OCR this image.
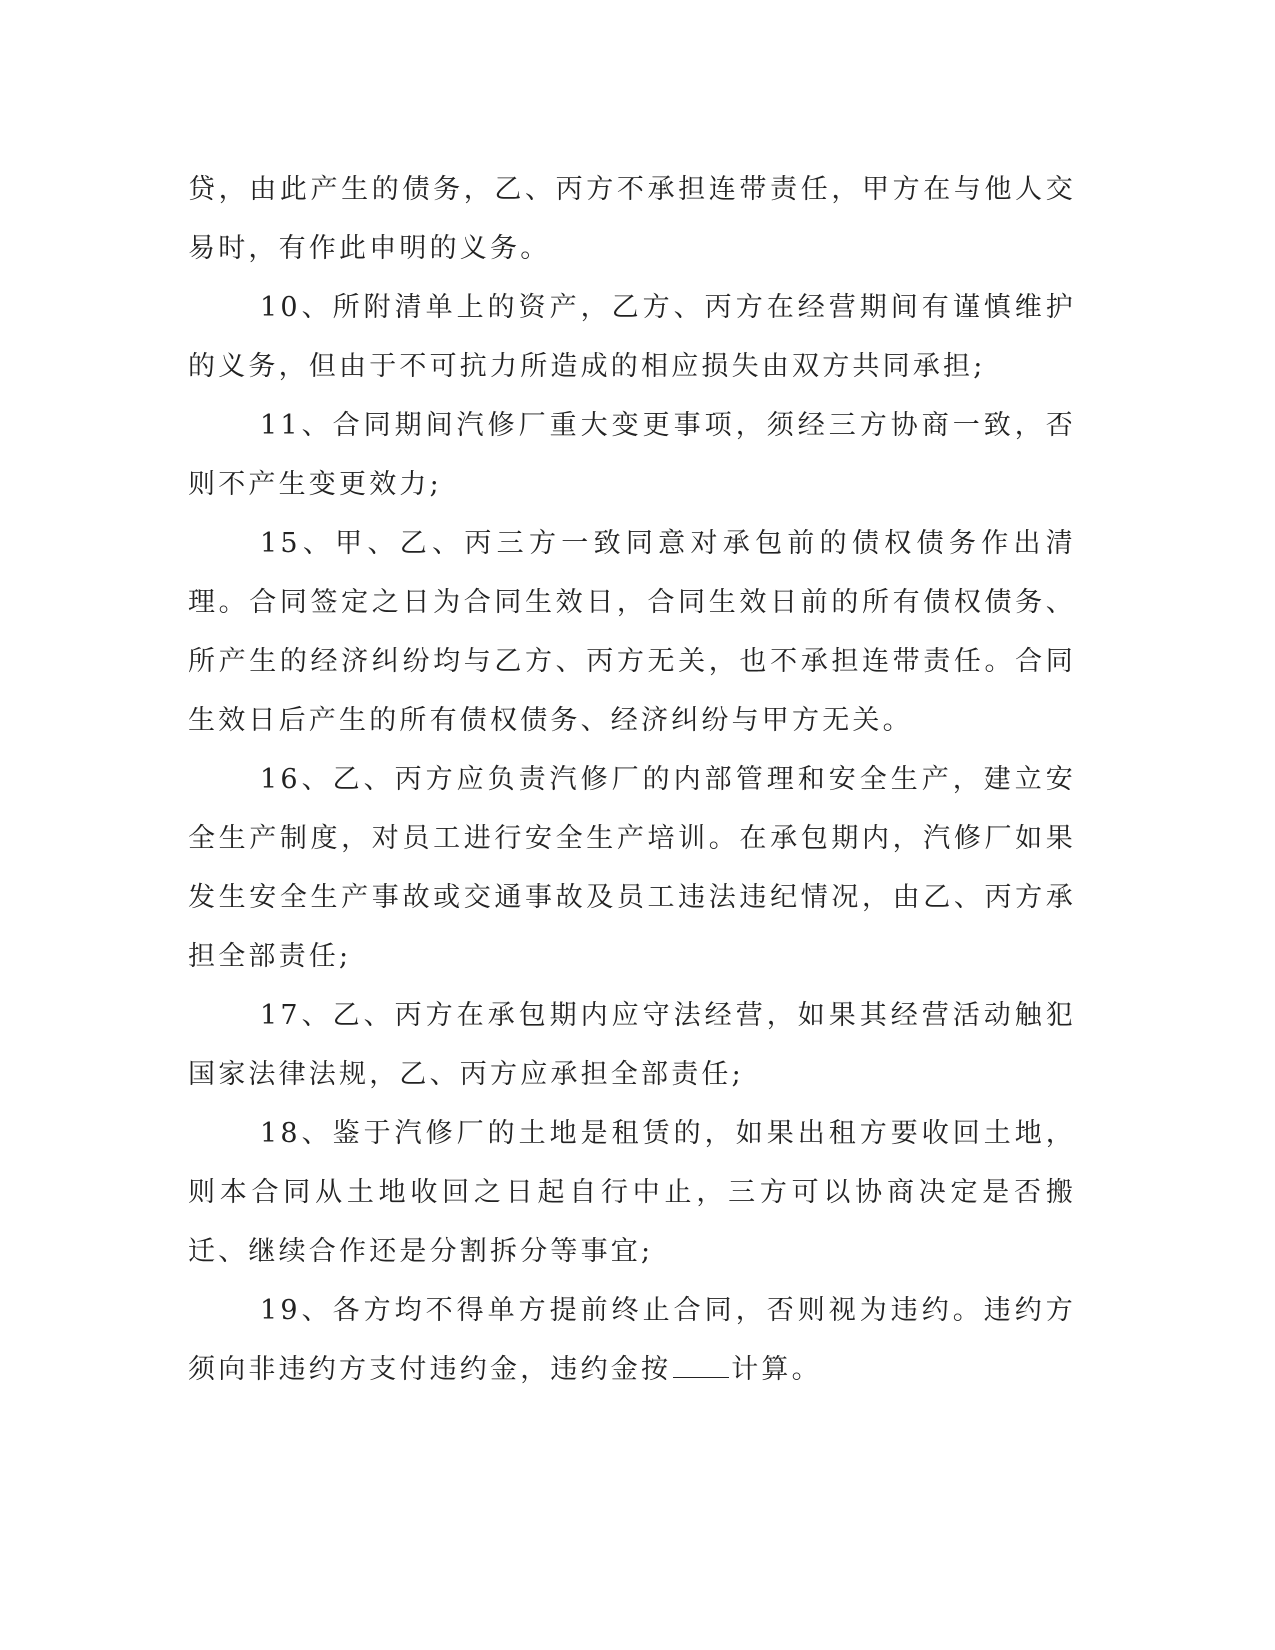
贷，由此产生的债务，乙、丙方不承担连带责任，甲方在与他人交易时，有作此申明的义务。

10、所附清单上的资产，乙方、丙方在经营期间有谨慎维护的义务，但由于不可抗力所造成的相应损失由双方共同承担;

11、合同期间汽修厂重大变更事项，须经三方协商一致，否则不产生变更效力;

15、甲、乙、丙三方一致同意对承包前的债权债务作出清理。合同签定之日为合同生效日，合同生效日前的所有债权债务、所产生的经济纠纷均与乙方、丙方无关，也不承担连带责任。合同生效日后产生的所有债权债务、经济纠纷与甲方无关。

16、乙、丙方应负责汽修厂的内部管理和安全生产，建立安全生产制度，对员工进行安全生产培训。在承包期内，汽修厂如果发生安全生产事故或交通事故及员工违法违纪情况，由乙、丙方承担全部责任;

17、乙、丙方在承包期内应守法经营，如果其经营活动触犯国家法律法规，乙、丙方应承担全部责任;

18、鉴于汽修厂的土地是租赁的，如果出租方要收回土地，则本合同从土地收回之日起自行中止，三方可以协商决定是否搬迁、继续合作还是分割拆分等事宜;

19、各方均不得单方提前终止合同，否则视为违约。违约方须向非违约方支付违约金，违约金按 计算。
